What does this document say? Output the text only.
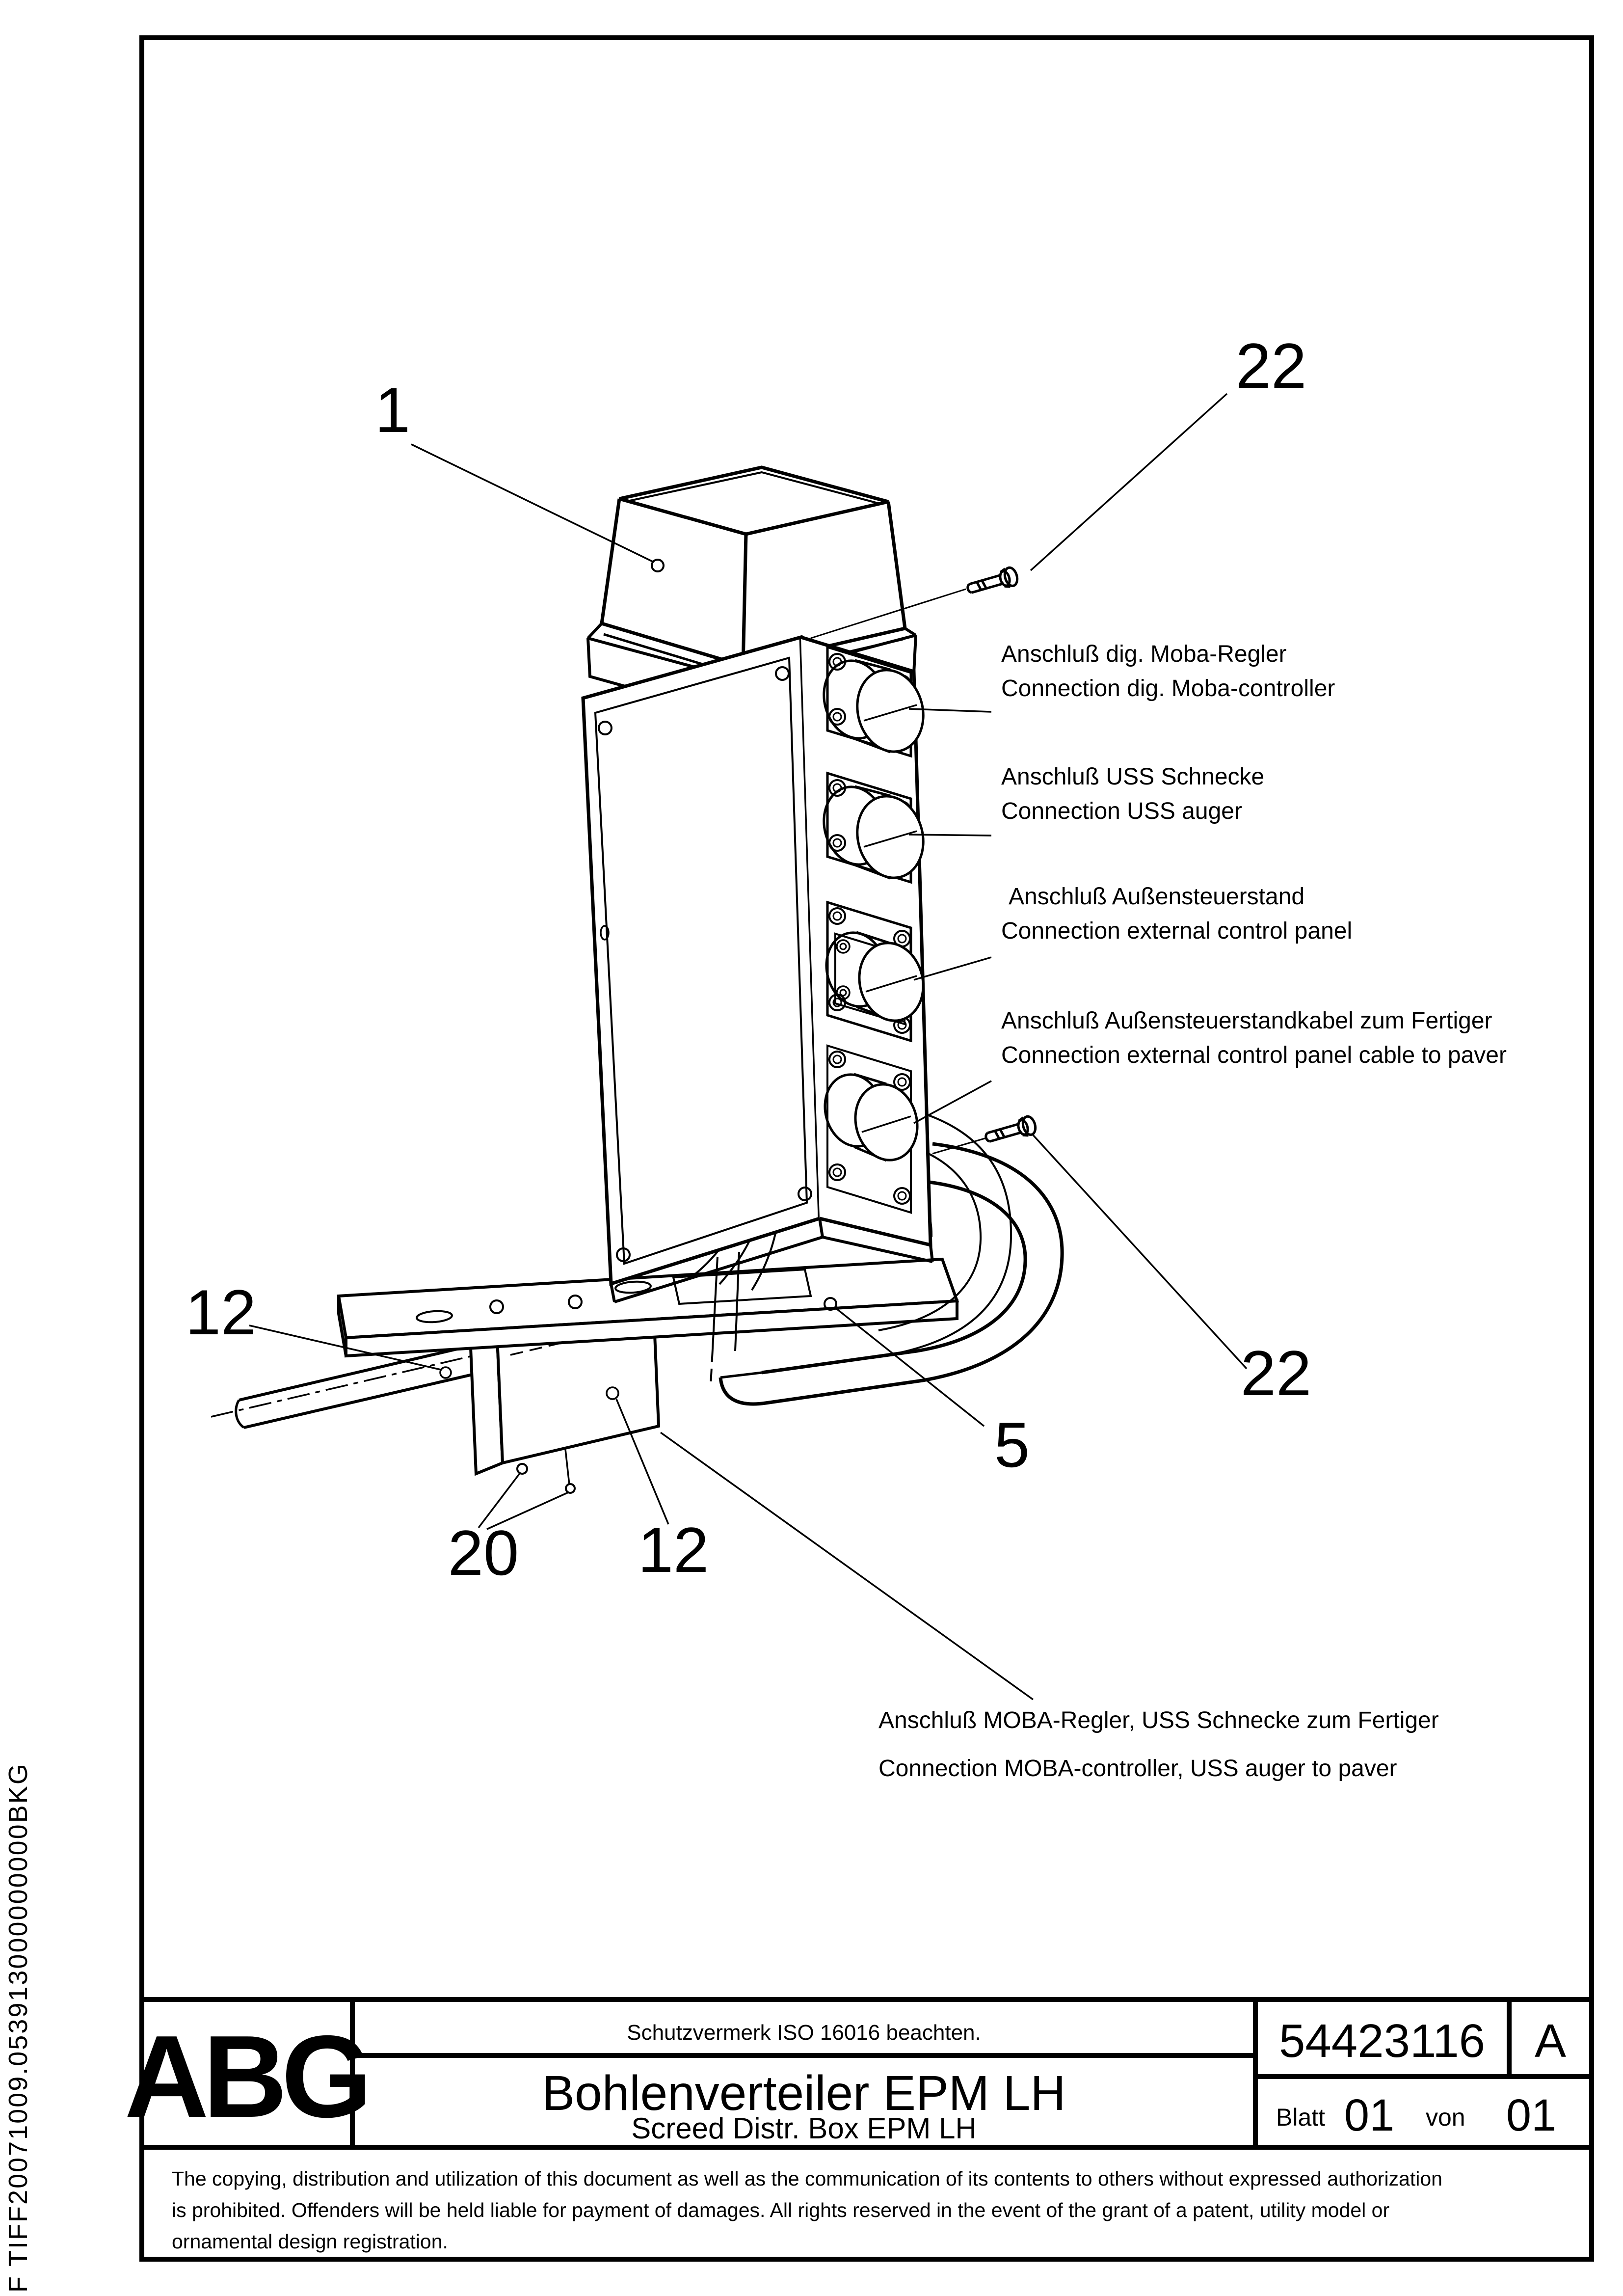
1
22
12
20 12
5
22
Anschluß dig. Moba-Regler
Connection dig. Moba-controller
Anschluß USS Schnecke
Connection USS auger
Anschluß Außensteuerstand
Connection external control panel
Anschluß Außensteuerstandkabel zum Fertiger
Connection external control panel cable to paver
Anschluß MOBA-Regler, USS Schnecke zum Fertiger
Connection MOBA-controller, USS auger to paver
ABG	Schutzvermerk ISO 16016 beachten.
Bohlenverteiler EPM LH
Screed Distr. Box EPM LH
54423116 A
Blatt 01 von 01
The copying, distribution and utilization of this document as well as the communication of its contents to others without expressed authorization
is prohibited. Offenders will be held liable for payment of damages. All rights reserved in the event of the grant of a patent, utility model or
ornamental design registration.
F TIFF20071009.053913000000000BKG
